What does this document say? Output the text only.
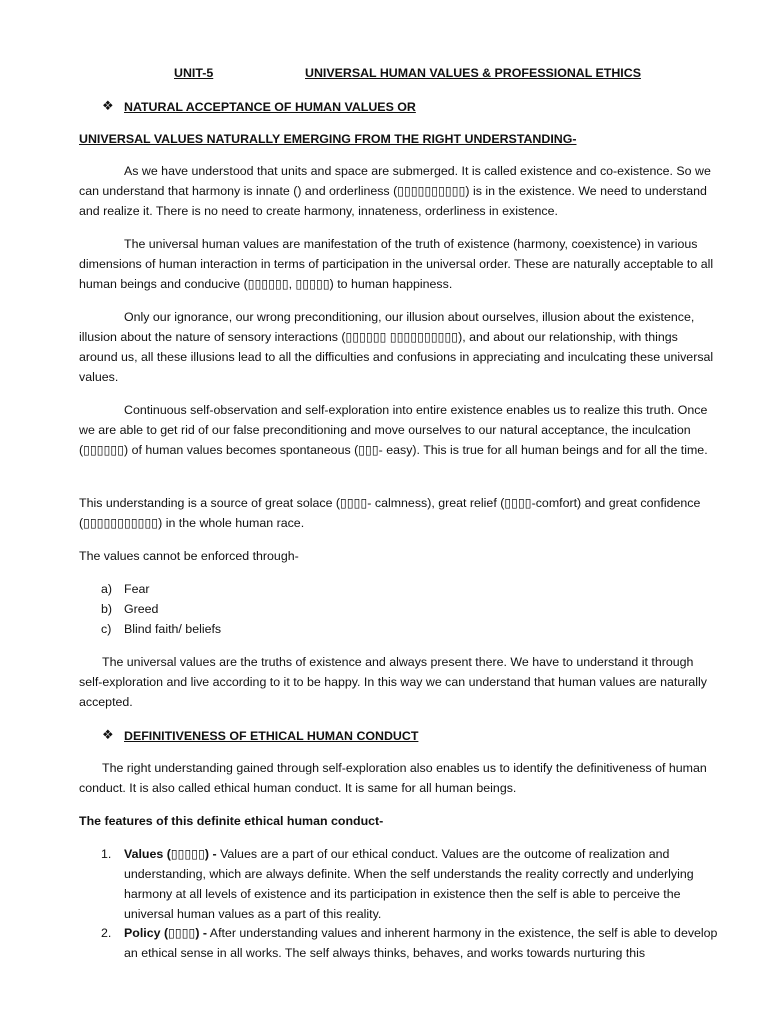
UNIT-5	UNIVERSAL HUMAN VALUES & PROFESSIONAL ETHICS
❖ NATURAL ACCEPTANCE OF HUMAN VALUES OR
UNIVERSAL VALUES NATURALLY EMERGING FROM THE RIGHT UNDERSTANDING-

As we have understood that units and space are submerged. It is called existence and co-existence. So we can understand that harmony is innate () and orderliness (▯▯▯▯▯▯▯▯▯▯) is in the existence. We need to understand and realize it. There is no need to create harmony, innateness, orderliness in existence.

The universal human values are manifestation of the truth of existence (harmony, coexistence) in various dimensions of human interaction in terms of participation in the universal order. These are naturally acceptable to all human beings and conducive (▯▯▯▯▯▯, ▯▯▯▯▯) to human happiness.

Only our ignorance, our wrong preconditioning, our illusion about ourselves, illusion about the existence, illusion about the nature of sensory interactions (▯▯▯▯▯▯ ▯▯▯▯▯▯▯▯▯▯), and about our relationship, with things around us, all these illusions lead to all the difficulties and confusions in appreciating and inculcating these universal values.

Continuous self-observation and self-exploration into entire existence enables us to realize this truth. Once we are able to get rid of our false preconditioning and move ourselves to our natural acceptance, the inculcation (▯▯▯▯▯▯) of human values becomes spontaneous (▯▯▯- easy). This is true for all human beings and for all the time.

This understanding is a source of great solace (▯▯▯▯- calmness), great relief (▯▯▯▯-comfort) and great confidence (▯▯▯▯▯▯▯▯▯▯▯) in the whole human race.

The values cannot be enforced through-

a) Fear
b) Greed
c) Blind faith/ beliefs

The universal values are the truths of existence and always present there. We have to understand it through self-exploration and live according to it to be happy. In this way we can understand that human values are naturally accepted.

❖ DEFINITIVENESS OF ETHICAL HUMAN CONDUCT

The right understanding gained through self-exploration also enables us to identify the definitiveness of human conduct. It is also called ethical human conduct. It is same for all human beings.

The features of this definite ethical human conduct-

1. Values (▯▯▯▯▯) - Values are a part of our ethical conduct. Values are the outcome of realization and understanding, which are always definite. When the self understands the reality correctly and underlying harmony at all levels of existence and its participation in existence then the self is able to perceive the universal human values as a part of this reality.

2. Policy (▯▯▯▯) - After understanding values and inherent harmony in the existence, the self is able to develop an ethical sense in all works. The self always thinks, behaves, and works towards nurturing this
